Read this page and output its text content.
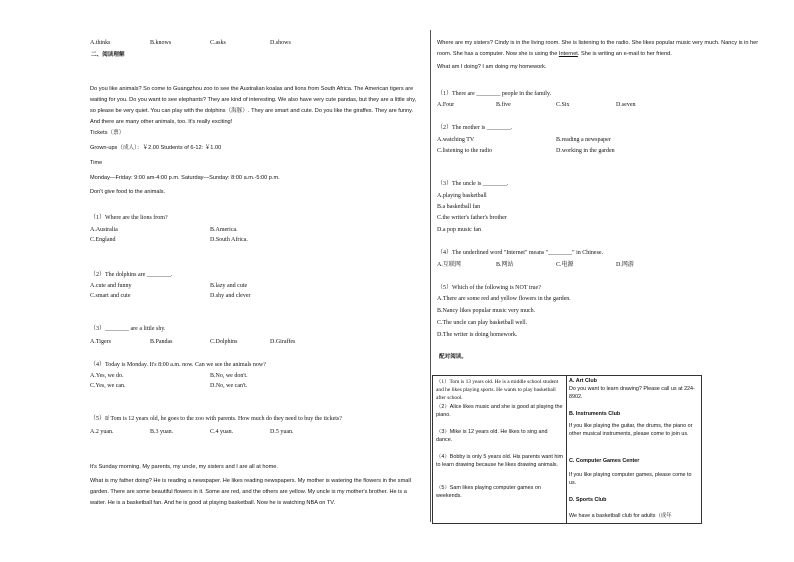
A.thinks	B.knows	C.asks	D.shows
二、阅读理解
Do you like animals? So come to Guangzhou zoo to see the Australian koalas and lions from South Africa. The American tigers are waiting for you. Do you want to see elephants? They are kind of interesting. We also have very cute pandas, but they are a little shy, so please be very quiet. You can play with the dolphins（海豚）. They are smart and cute. Do you like the giraffes. They are funny. And there are many other animals, too. It's really exciting!
Tickets（票）
Grown-ups（成人）：￥2.00 Students of 6-12: ￥1.00
Time
Monday—Friday: 9:00 am-4:00 p.m. Saturday—Sunday: 8:00 a.m.-5:00 p.m.
Don't give food to the animals.
（1）Where are the lions from?
A.Australia	B.America.
C.England	D.South Africa.
（2）The dolphins are ________.
A.cute and funny	B.lazy and cute
C.smart and cute	D.shy and clever
（3）________ are a little shy.
A.Tigers	B.Pandas	C.Dolphins	D.Giraffes
（4）Today is Monday. It's 8:00 a.m. now. Can we see the animals now?
A.Yes, we do.	B.No, we don't.
C.Yes, we can.	D.No, we can't.
（5）If Tom is 12 years old, he goes to the zoo with parents. How much do they need to buy the tickets?
A.2 yuan.	B.3 yuan.	C.4 yuan.	D.5 yuan.
It's Sunday morning. My parents, my uncle, my sisters and I are all at home.
What is my father doing? He is reading a newspaper. He likes reading newspapers. My mother is watering the flowers in the small garden. There are some beautiful flowers in it. Some are red, and the others are yellow. My uncle is my mother's brother. He is a waiter. He is a basketball fan. And he is good at playing basketball. Now he is watching NBA on TV.
Where are my sisters? Cindy is in the living room. She is listening to the radio. She likes popular music very much. Nancy is in her room. She has a computer. Now she is using the Internet. She is writing an e-mail to her friend.
What am I doing? I am doing my homework.
（1）There are ________ people in the family.
A.Four	B.five	C.Six	D.seven
（2）The mother is ________.
A.watching TV	B.reading a newspaper
C.listening to the radio	D.working in the garden
（3）The uncle is ________.
A.playing basketball
B.a basketball fan
C.the writer's father's brother
D.a pop music fan
（4）The underlined word "Internet" means "________" in Chinese.
A.互联网	B.网站	C.电源	D.网游
（5）Which of the following is NOT true?
A.There are some red and yellow flowers in the garden.
B.Nancy likes popular music very much.
C.The uncle can play basketball well.
D.The writer is doing homework.
配对阅读。
（1）Tom is 13 years old. He is a middle school student and he likes playing sports. He wants to play basketball after school.
（2）Alice likes music and she is good at playing the piano.
（3）Mike is 12 years old. He likes to sing and dance.
（4）Bobby is only 5 years old. His parents want him to learn drawing because he likes drawing animals.
（5）Sam likes playing computer games on weekends.
A. Art Club
Do you want to learn drawing? Please call us at 224-8902.
B. Instruments Club
If you like playing the guitar, the drums, the piano or other musical instruments, please come to join us.
C. Computer Games Center
If you like playing computer games, please come to us.
D. Sports Club
We have a basketball club for adults（成年
